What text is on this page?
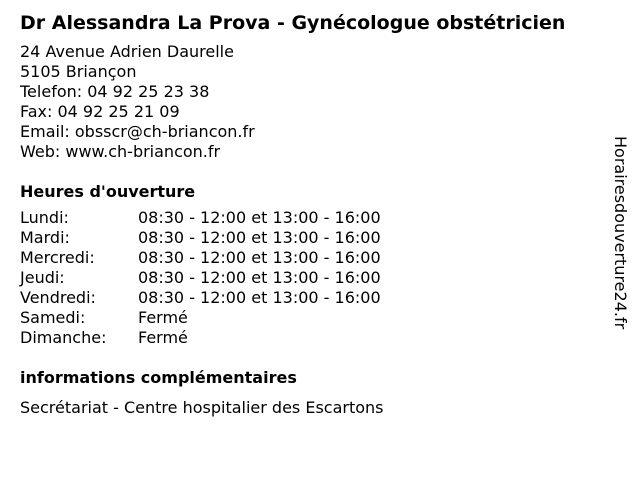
Dr Alessandra La Prova - Gynécologue obstétricien
24 Avenue Adrien Daurelle
5105 Briançon
Telefon: 04 92 25 23 38
Fax: 04 92 25 21 09
Email: obsscr@ch-briancon.fr
Web: www.ch-briancon.fr
Heures d'ouverture
Lundi:	08:30 - 12:00 et 13:00 - 16:00
Mardi:	08:30 - 12:00 et 13:00 - 16:00
Mercredi:	08:30 - 12:00 et 13:00 - 16:00
Jeudi:	08:30 - 12:00 et 13:00 - 16:00
Vendredi:	08:30 - 12:00 et 13:00 - 16:00
Samedi:	Fermé
Dimanche:	Fermé
informations complémentaires
Secrétariat - Centre hospitalier des Escartons
Horairesdouverture24.fr
